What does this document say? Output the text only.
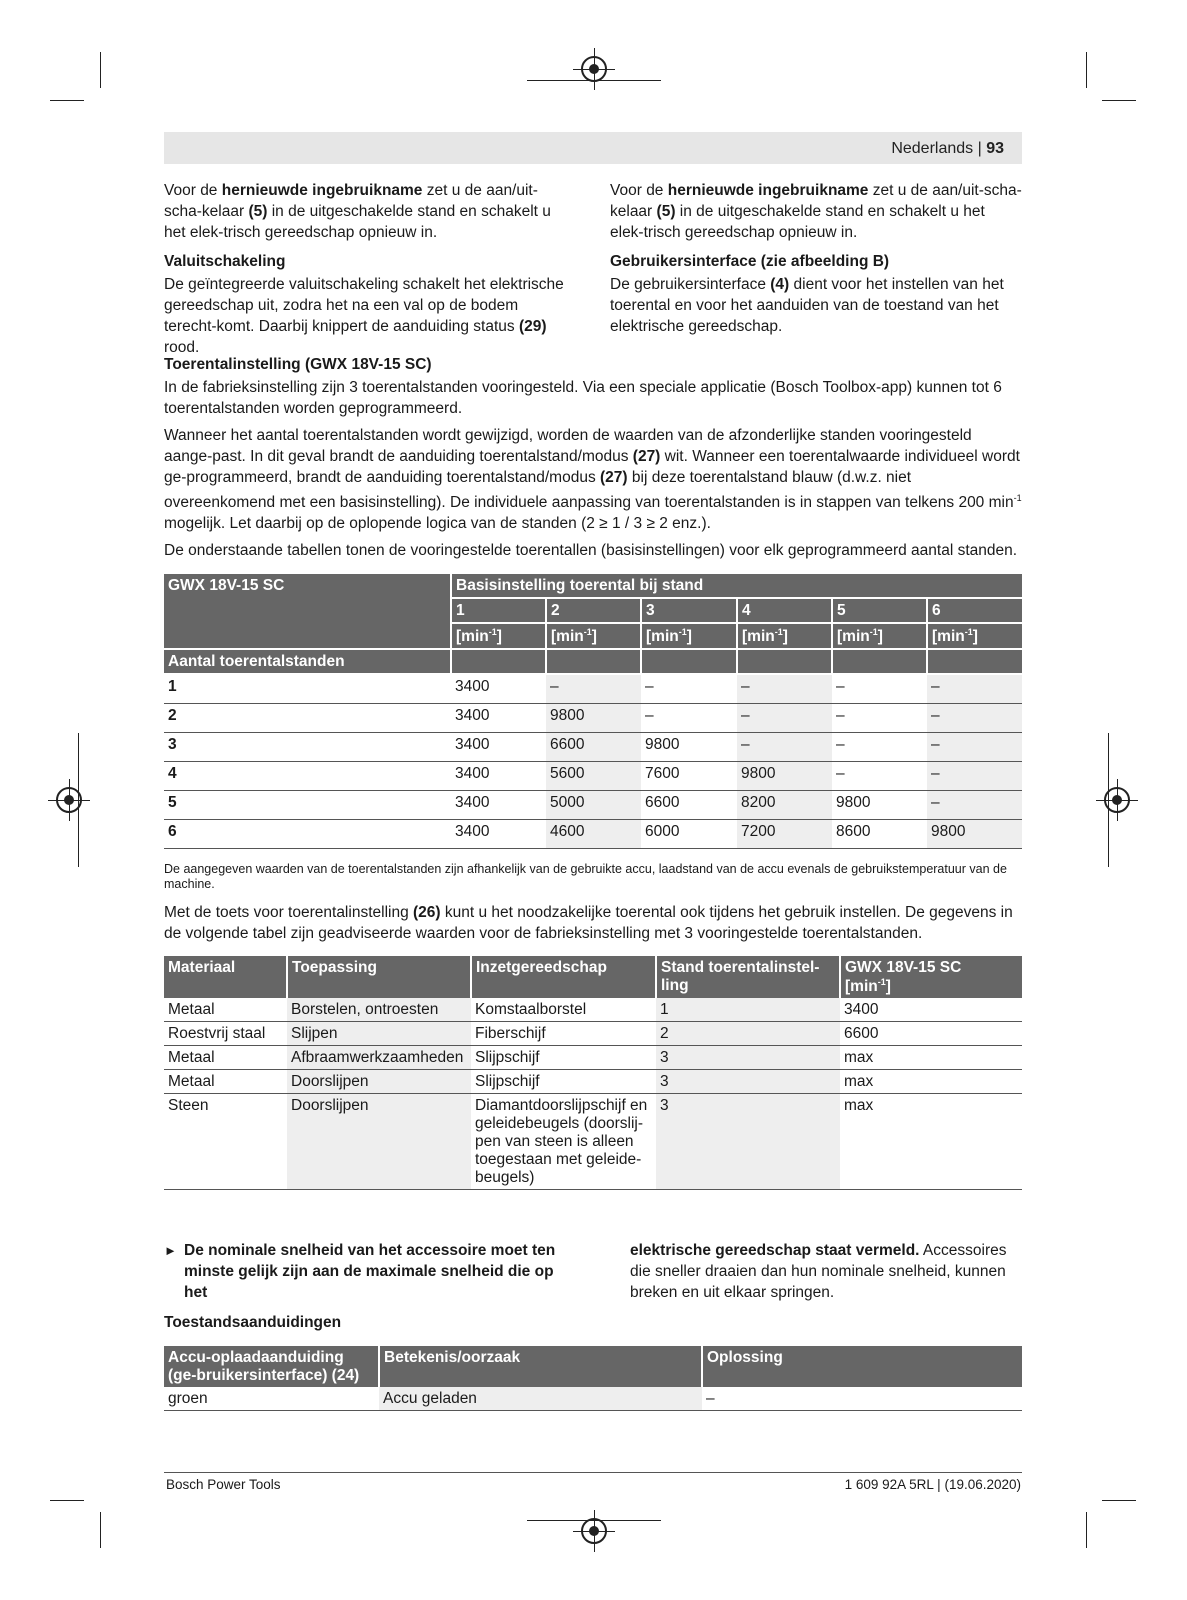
Nederlands | 93

Voor de hernieuwde ingebruikname zet u de aan/uit-scha-kelaar (5) in de uitgeschakelde stand en schakelt u het elek-trisch gereedschap opnieuw in.

Valuitschakeling

De geïntegreerde valuitschakeling schakelt het elektrische gereedschap uit, zodra het na een val op de bodem terecht-komt. Daarbij knippert de aanduiding status (29) rood.

Voor de hernieuwde ingebruikname zet u de aan/uit-scha-kelaar (5) in de uitgeschakelde stand en schakelt u het elek-trisch gereedschap opnieuw in.

Gebruikersinterface (zie afbeelding B)

De gebruikersinterface (4) dient voor het instellen van het toerental en voor het aanduiden van de toestand van het elektrische gereedschap.

Toerentalinstelling (GWX 18V-15 SC)

In de fabrieksinstelling zijn 3 toerentalstanden vooringesteld. Via een speciale applicatie (Bosch Toolbox-app) kunnen tot 6 toerentalstanden worden geprogrammeerd.

Wanneer het aantal toerentalstanden wordt gewijzigd, worden de waarden van de afzonderlijke standen vooringesteld aange-past. In dit geval brandt de aanduiding toerentalstand/modus (27) wit. Wanneer een toerentalwaarde individueel wordt ge-programmeerd, brandt de aanduiding toerentalstand/modus (27) bij deze toerentalstand blauw (d.w.z. niet overeenkomend met een basisinstelling). De individuele aanpassing van toerentalstanden is in stappen van telkens 200 $\min^{-1}$ mogelijk. Let daarbij op de oplopende logica van de standen (2 ≥ 1 / 3 ≥ 2 enz.).

De onderstaande tabellen tonen de vooringestelde toerentallen (basisinstellingen) voor elk geprogrammeerd aantal standen.

GWX 18V-15 SC	Basisinstelling toerental bij stand					
	1	2	3	4	5	6
	$[\min^{-1}]$	$[\min^{-1}]$	$[\min^{-1}]$	$[\min^{-1}]$	$[\min^{-1}]$	$[\min^{-1}]$
Aantal toerentalstanden						
1	3400	–	–	–	–	–
2	3400	9800	–	–	–	–
3	3400	6600	9800	–	–	–
4	3400	5600	7600	9800	–	–
5	3400	5000	6600	8200	9800	–
6	3400	4600	6000	7200	8600	9800
De aangegeven waarden van de toerentalstanden zijn afhankelijk van de gebruikte accu, laadstand van de accu evenals de gebruikstemperatuur van de machine.

Met de toets voor toerentalinstelling (26) kunt u het noodzakelijke toerental ook tijdens het gebruik instellen. De gegevens in de volgende tabel zijn geadviseerde waarden voor de fabrieksinstelling met 3 vooringestelde toerentalstanden.

Materiaal	Toepassing	Inzetgereedschap	Stand toerentalinstel-ling	GWX 18V-15 SC
$[\min^{-1}]$

Metaal	Borstelen, ontroesten	Komstaalborstel	1	3400
Roestvrij staal	Slijpen	Fiberschijf	2	6600
Metaal	Afbraamwerkzaamheden	Slijpschijf	3	max
Metaal	Doorslijpen	Slijpschijf	3	max
Steen	Doorslijpen	Diamantdoorslijpschijf en geleidebeugels (doorslij-pen van steen is alleen toegestaan met geleide-beugels)	3	max
► De nominale snelheid van het accessoire moet ten minste gelijk zijn aan de maximale snelheid die op het

elektrische gereedschap staat vermeld. Accessoires die sneller draaien dan hun nominale snelheid, kunnen breken en uit elkaar springen.

Toestandsaanduidingen
Accu-oplaadaanduiding (ge-bruikersinterface) (24)	Betekenis/oorzaak	Oplossing
groen	Accu geladen	–
Bosch Power Tools	1 609 92A 5RL | (19.06.2020)
